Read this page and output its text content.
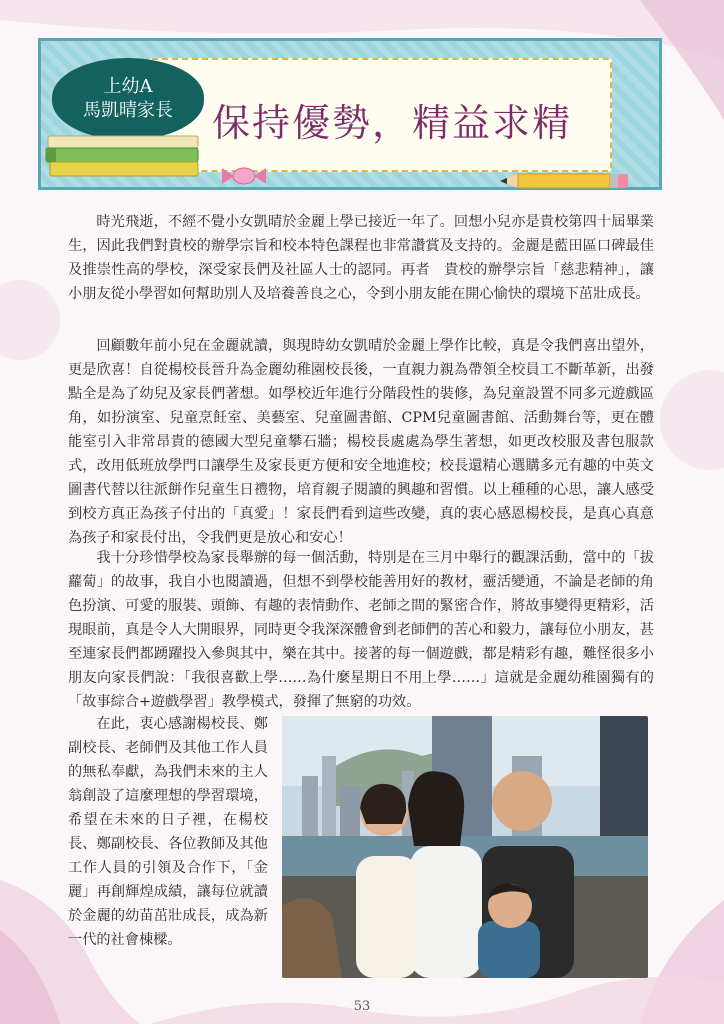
上幼A
馬凱晴家長 保持優勢，精益求精

時光飛逝，不經不覺小女凱晴於金麗上學已接近一年了。回想小兒亦是貴校第四十屆畢業生，因此我們對貴校的辦學宗旨和校本特色課程也非常讚賞及支持的。金麗是藍田區口碑最佳及推崇性高的學校，深受家長們及社區人士的認同。再者　貴校的辦學宗旨「慈悲精神」，讓小朋友從小學習如何幫助別人及培養善良之心，令到小朋友能在開心愉快的環境下茁壯成長。

回顧數年前小兒在金麗就讀，與現時幼女凱晴於金麗上學作比較，真是令我們喜出望外，更是欣喜！自從楊校長晉升為金麗幼稚園校長後，一直親力親為帶領全校員工不斷革新，出發點全是為了幼兒及家長們著想。如學校近年進行分階段性的裝修，為兒童設置不同多元遊戲區角，如扮演室、兒童烹飪室、美藝室、兒童圖書館、CPM兒童圖書館、活動舞台等，更在體能室引入非常昂貴的德國大型兒童攀石牆；楊校長處處為學生著想，如更改校服及書包服款式，改用低班放學門口讓學生及家長更方便和安全地進校；校長還精心選購多元有趣的中英文圖書代替以往派餅作兒童生日禮物，培育親子閱讀的興趣和習慣。以上種種的心思，讓人感受到校方真正為孩子付出的「真愛」！家長們看到這些改變，真的衷心感恩楊校長，是真心真意為孩子和家長付出，令我們更是放心和安心！

我十分珍惜學校為家長舉辦的每一個活動，特別是在三月中舉行的觀課活動，當中的「拔蘿蔔」的故事，我自小也閱讀過，但想不到學校能善用好的教材，靈活變通，不論是老師的角色扮演、可愛的服裝、頭飾、有趣的表情動作、老師之間的緊密合作，將故事變得更精彩，活現眼前，真是令人大開眼界，同時更令我深深體會到老師們的苦心和毅力，讓每位小朋友，甚至連家長們都踴躍投入參與其中，樂在其中。接著的每一個遊戲，都是精彩有趣，難怪很多小朋友向家長們說：「我很喜歡上學……為什麼星期日不用上學……」這就是金麗幼稚園獨有的「故事綜合+遊戲學習」教學模式，發揮了無窮的功效。

在此，衷心感謝楊校長、鄭副校長、老師們及其他工作人員的無私奉獻，為我們未來的主人翁創設了這麼理想的學習環境，希望在未來的日子裡，在楊校長、鄭副校長、各位教師及其他工作人員的引領及合作下，「金麗」再創輝煌成績，讓每位就讀於金麗的幼苗茁壯成長，成為新一代的社會棟樑。

53
